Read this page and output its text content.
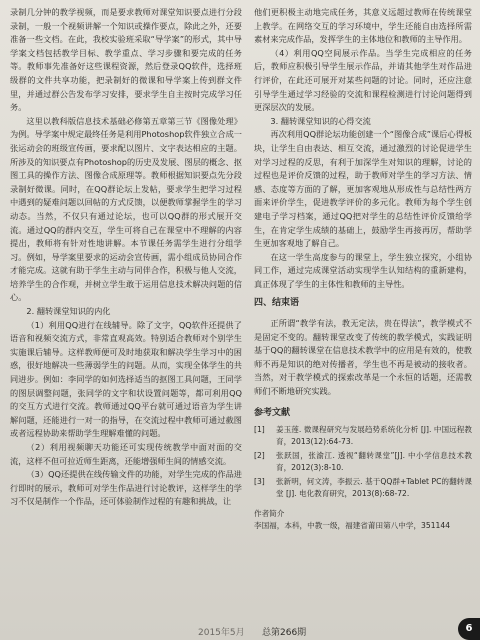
录制几分钟的教学视频，而是要求教师对课堂知识要点进行分段录制，一般一个视频讲解一个知识或操作要点，除此之外，还要准备一些文档。在此，我校实验班采取“导学案”的形式，其中导学案文档包括教学目标、教学重点、学习步骤和要完成的任务等。教师事先准备好这些课程资源，然后登录QQ软件，选择班级群的文件共享功能，把录制好的微课和导学案上传到群文件里，并通过群公告发布学习安排，要求学生自主按时完成学习任务。

这里以教科版信息技术基础必修第五章第三节《图像处理》为例。导学案中规定最终任务是利用Photoshop软件独立合成一张运动会的班级宣传画，要求配以图片、文字表达相应的主题。所涉及的知识要点有Photoshop的历史及发展、图层的概念、抠图工具的操作方法、图像合成原理等。教师根据知识要点先分段录制好微课。同时，在QQ群论坛上发帖，要求学生把学习过程中遇到的疑难问题以回帖的方式反馈，以便教师掌握学生的学习动态。当然，不仅只有通过论坛，也可以QQ群的形式展开交流。通过QQ的群内交互，学生可将自己在课堂中不理解的内容提出，教师将有针对性地讲解。本节课任务需学生进行分组学习。例如，导学案里要求的运动会宣传画，需小组成员协同合作才能完成。这就有助于学生主动与同伴合作，积极与他人交流，培养学生的合作观，并树立学生敢于运用信息技术解决问题的信心。

2. 翻转课堂知识的内化

（1）利用QQ进行在线辅导。除了文字，QQ软件还提供了语音和视频交流方式，非常直观高效。特别适合教师对个别学生实施课后辅导。这样教师便可及时地获取和解决学生学习中的困惑，很好地解决一些薄弱学生的问题。从而，实现全体学生的共同进步。例如：李同学的如何选择适当的抠图工具问题，王同学的图层调整问题，张同学的文字和状设置问题等，都可利用QQ的交互方式进行交流。教师通过QQ平台就可通过语音为学生讲解问题，还能进行一对一的指导，在交流过程中教师可通过截图或者远程协助来帮助学生理解难懂的问题。

（2）利用视频聊天功能还可实现传统教学中面对面的交流，这样不但可拉近师生距离，还能增强师生间的情感交流。

（3）QQ还提供在线传输文件的功能，对学生完成的作品进行即时的展示，教师可对学生作品进行讨论教评，这样学生的学习不仅是制作一个作品，还可体验制作过程的有趣和挑战，让

他们更积极主动地完成任务，其意义远超过教师在传统课堂上教学。在网络交互的学习环境中，学生还能自由选择所需素材来完成作品，发挥学生的主体地位和教师的主导作用。

（4）利用QQ空间展示作品。当学生完成相应的任务后，教师应积极引导学生展示作品，并请其他学生对作品进行评价，在此还可展开对某些问题的讨论。同时，还应注意引导学生通过学习经验的交流和课程检测进行讨论问题得到更深层次的发展。

3. 翻转课堂知识的心得交流

再次利用QQ群论坛功能创建一个“图像合成”课后心得板块，让学生自由表达、相互交流，通过激烈的讨论促进学生对学习过程的反思，有利于加深学生对知识的理解，讨论的过程也是评价反馈的过程，助于教师对学生的学习方法、情感、态度等方面的了解，更加客观地从形成性与总结性两方面来评价学生，促进教学评价的多元化。教师为每个学生创建电子学习档案，通过QQ把对学生的总结性评价反馈给学生，在肯定学生成绩的基础上，鼓励学生再接再厉，帮助学生更加客观地了解自己。

在这一学生高度参与的课堂上，学生独立探究，小组协同工作，通过完成课堂活动实现学生认知结构的重新建构，真正体现了学生的主体性和教师的主导性。

四、结束语

正所谓“教学有法，教无定法，贵在得法”，教学模式不是固定不变的。翻转课堂改变了传统的教学模式，实践证明基于QQ的翻转课堂在信息技术教学中的应用是有效的，使教师不再是知识的绝对传播者，学生也不再是被动的接收者。当然，对于教学模式的探索改革是一个永恒的话题，还需教师们不断地研究实践。

参考文献
[1]	姜玉莲. 微课程研究与发展趋势系统化分析 [J]. 中国远程教育，2013(12):64-73.
[2]	张跃国，张渝江. 透视“翻转课堂”[J]. 中小学信息技术教育，2012(3):8-10.
[3]	张新明，何文涛，李振云. 基于QQ群+Tablet PC的翻转课堂 [J]. 电化教育研究，2013(8):68-72.
作者简介
李国福，本科，中教一级，福建省莆田第八中学，351144
2015年5月 总第266期	6
